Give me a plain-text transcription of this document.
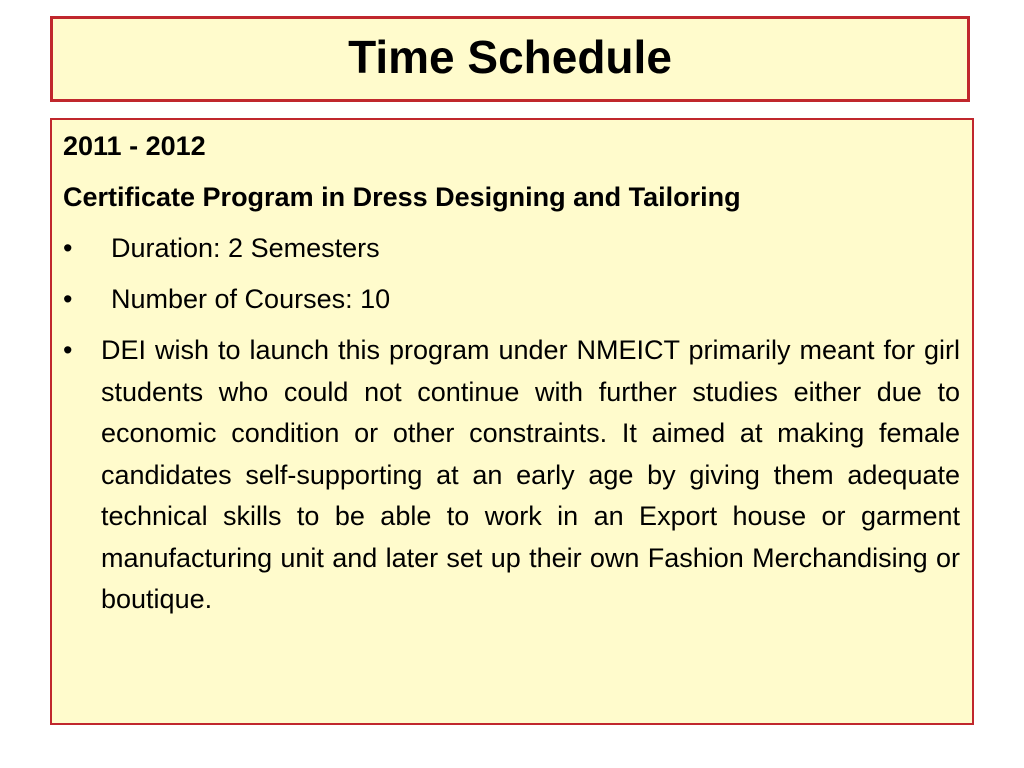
Time Schedule
2011 - 2012
Certificate Program in Dress Designing and Tailoring
•	Duration: 2 Semesters
•	Number of Courses: 10
•	DEI wish to launch this program under NMEICT primarily meant for girl students who could not continue with further studies either due to economic condition or other constraints. It aimed at making female candidates self-supporting at an early age by giving them adequate technical skills to be able to work in an Export house or garment manufacturing unit and later set up their own Fashion Merchandising or boutique.
